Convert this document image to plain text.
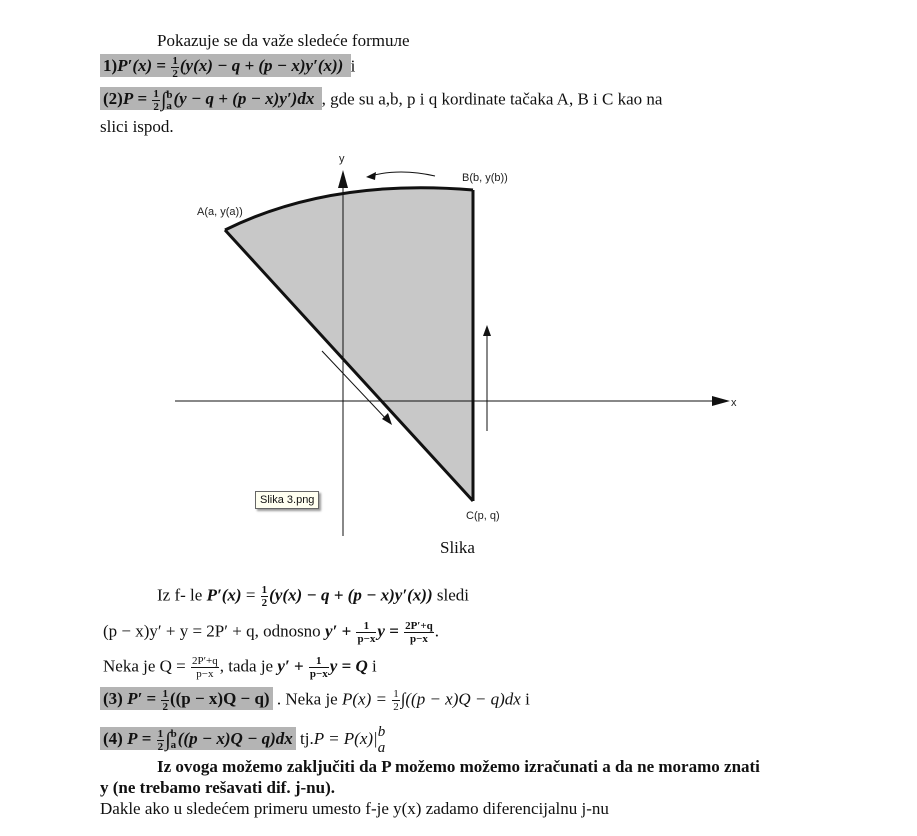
Pokazuje se da važe sledeće formuле
$1)P'(x) = \frac{1}{2} (y(x) - q + (p - x)y'(x))$ i
$(2)P = \frac{1}{2}$ ∫ b
a (y − q + (p − x)y′)dx , gde su a,b, p i q kordinate tačaka A, B i C kao na
slici ispod.
x
y
A(a, y(a))
B(b, y(b))
C(p, q)
Slika 3.png
Slika
Iz f- le $P'(x) = \frac{1}{2} (y(x) - q + (p - x)y'(x))$ sledi
(p − x)y′ + y = 2P′ + q, odnosno $y' + \frac{1}{p-x}$ $y = \frac{2P'+q}{p-x}$ .
Neka je $Q = \frac{2P'+q}{p-x}$ , tada je $y' + \frac{1}{p-x}$ y = Q i
(3) $P' = \frac{1}{2} ((p - x)Q - q)$ . Neka je $P(x) = \frac{1}{2} \int((p - x)Q - q)dx$ i
(4) $P = \frac{1}{2}$ ∫ b
a ((p − x)Q − q)dx tj.P = P(x)| b
a
Iz ovoga možemo zaključiti da P možemo možemo izračunati a da ne moramo znati
y (ne trebamo rešavati dif. j-nu).
Dakle ako u sledećem primeru umesto f-je y(x) zadamo diferencijalnu j-nu
